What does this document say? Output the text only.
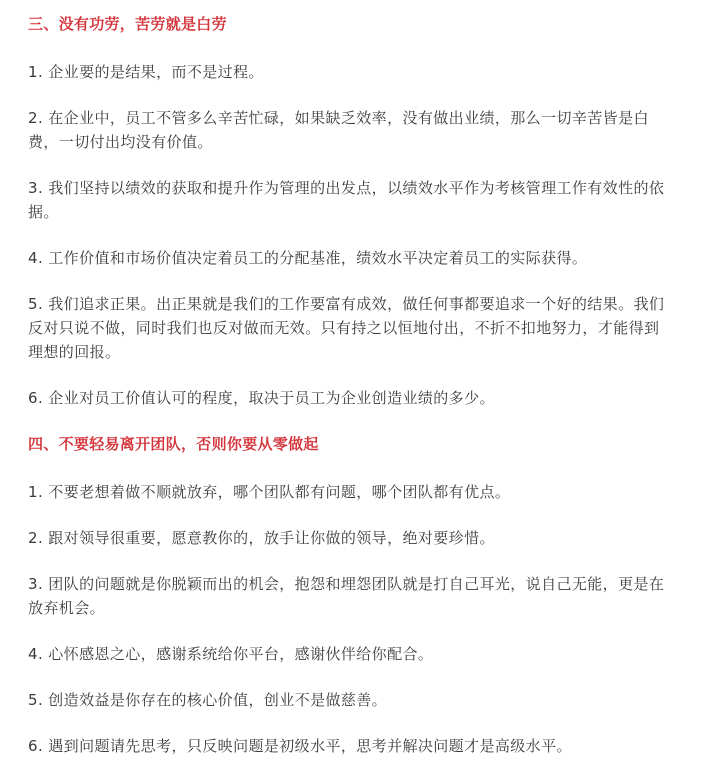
三、没有功劳，苦劳就是白劳

1. 企业要的是结果，而不是过程。

2. 在企业中，员工不管多么辛苦忙碌，如果缺乏效率，没有做出业绩，那么一切辛苦皆是白
费，一切付出均没有价值。

3. 我们坚持以绩效的获取和提升作为管理的出发点，以绩效水平作为考核管理工作有效性的依
据。

4. 工作价值和市场价值决定着员工的分配基准，绩效水平决定着员工的实际获得。

5. 我们追求正果。出正果就是我们的工作要富有成效，做任何事都要追求一个好的结果。我们
反对只说不做，同时我们也反对做而无效。只有持之以恒地付出，不折不扣地努力，才能得到
理想的回报。

6. 企业对员工价值认可的程度，取决于员工为企业创造业绩的多少。

四、不要轻易离开团队，否则你要从零做起

1. 不要老想着做不顺就放弃，哪个团队都有问题，哪个团队都有优点。

2. 跟对领导很重要，愿意教你的，放手让你做的领导，绝对要珍惜。

3. 团队的问题就是你脱颖而出的机会，抱怨和埋怨团队就是打自己耳光，说自己无能，更是在
放弃机会。

4. 心怀感恩之心，感谢系统给你平台，感谢伙伴给你配合。

5. 创造效益是你存在的核心价值，创业不是做慈善。

6. 遇到问题请先思考，只反映问题是初级水平，思考并解决问题才是高级水平。
